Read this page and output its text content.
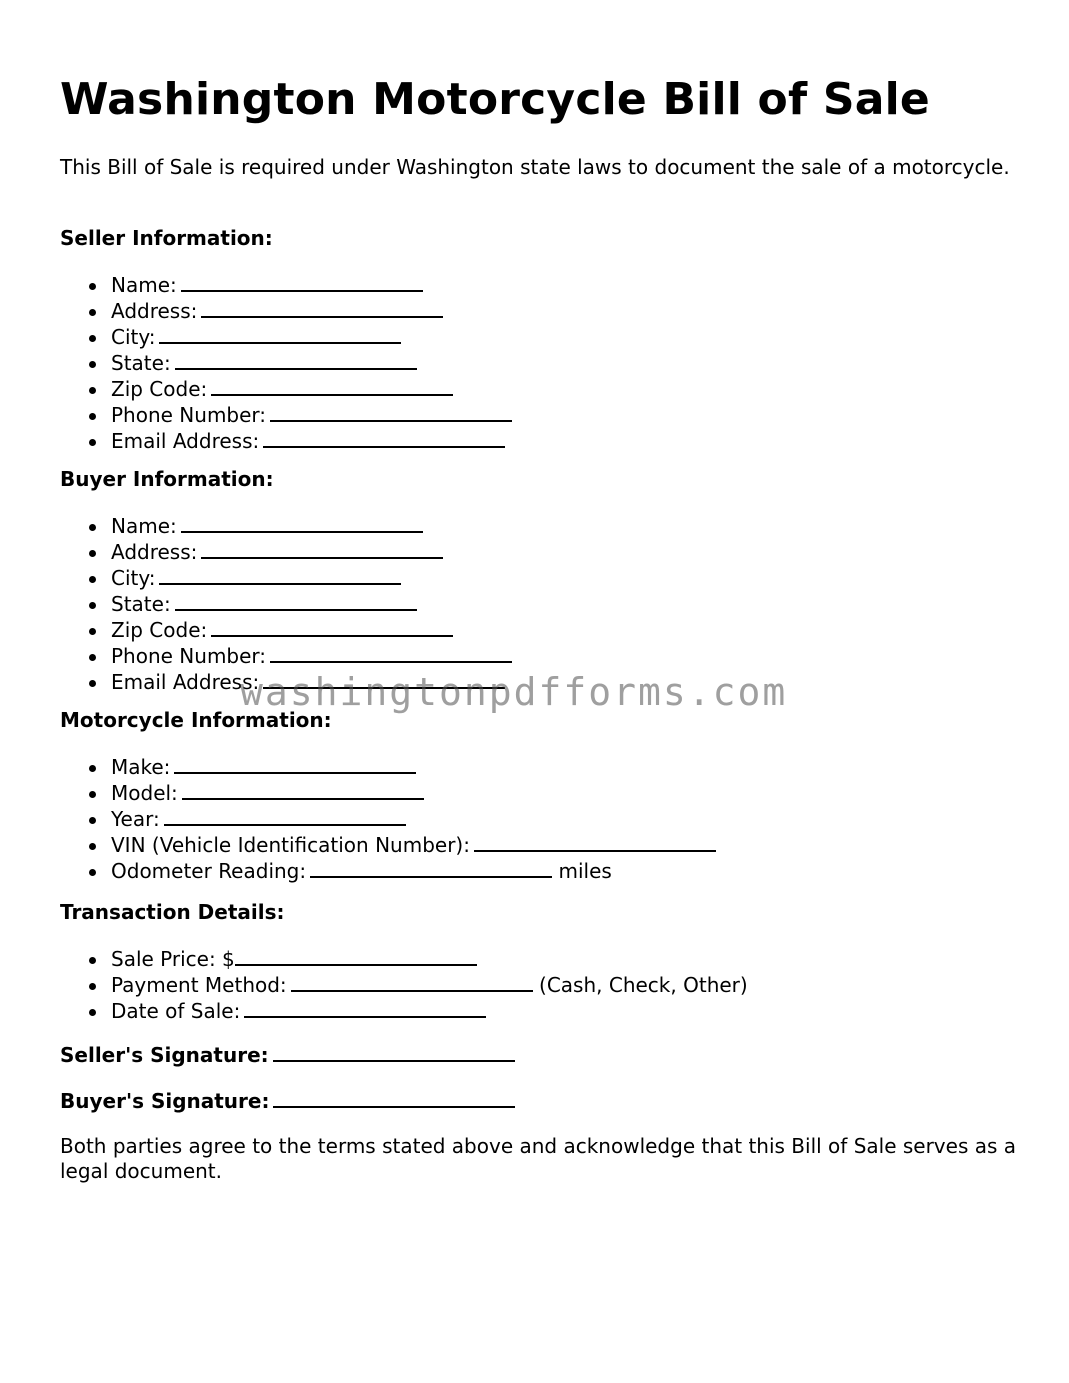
Washington Motorcycle Bill of Sale

This Bill of Sale is required under Washington state laws to document the sale of a motorcycle.

Seller Information:

Name:
Address:
City:
State:
Zip Code:
Phone Number:
Email Address:

Buyer Information:

Name:
Address:
City:
State:
Zip Code:
Phone Number:
Email Address:

Motorcycle Information:

Make:
Model:
Year:
VIN (Vehicle Identification Number):
Odometer Reading:	miles

Transaction Details:

Sale Price: $
Payment Method:	(Cash, Check, Other)
Date of Sale:

Seller's Signature:

Buyer's Signature:

Both parties agree to the terms stated above and acknowledge that this Bill of Sale serves as a legal document.

washingtonpdfforms.com
